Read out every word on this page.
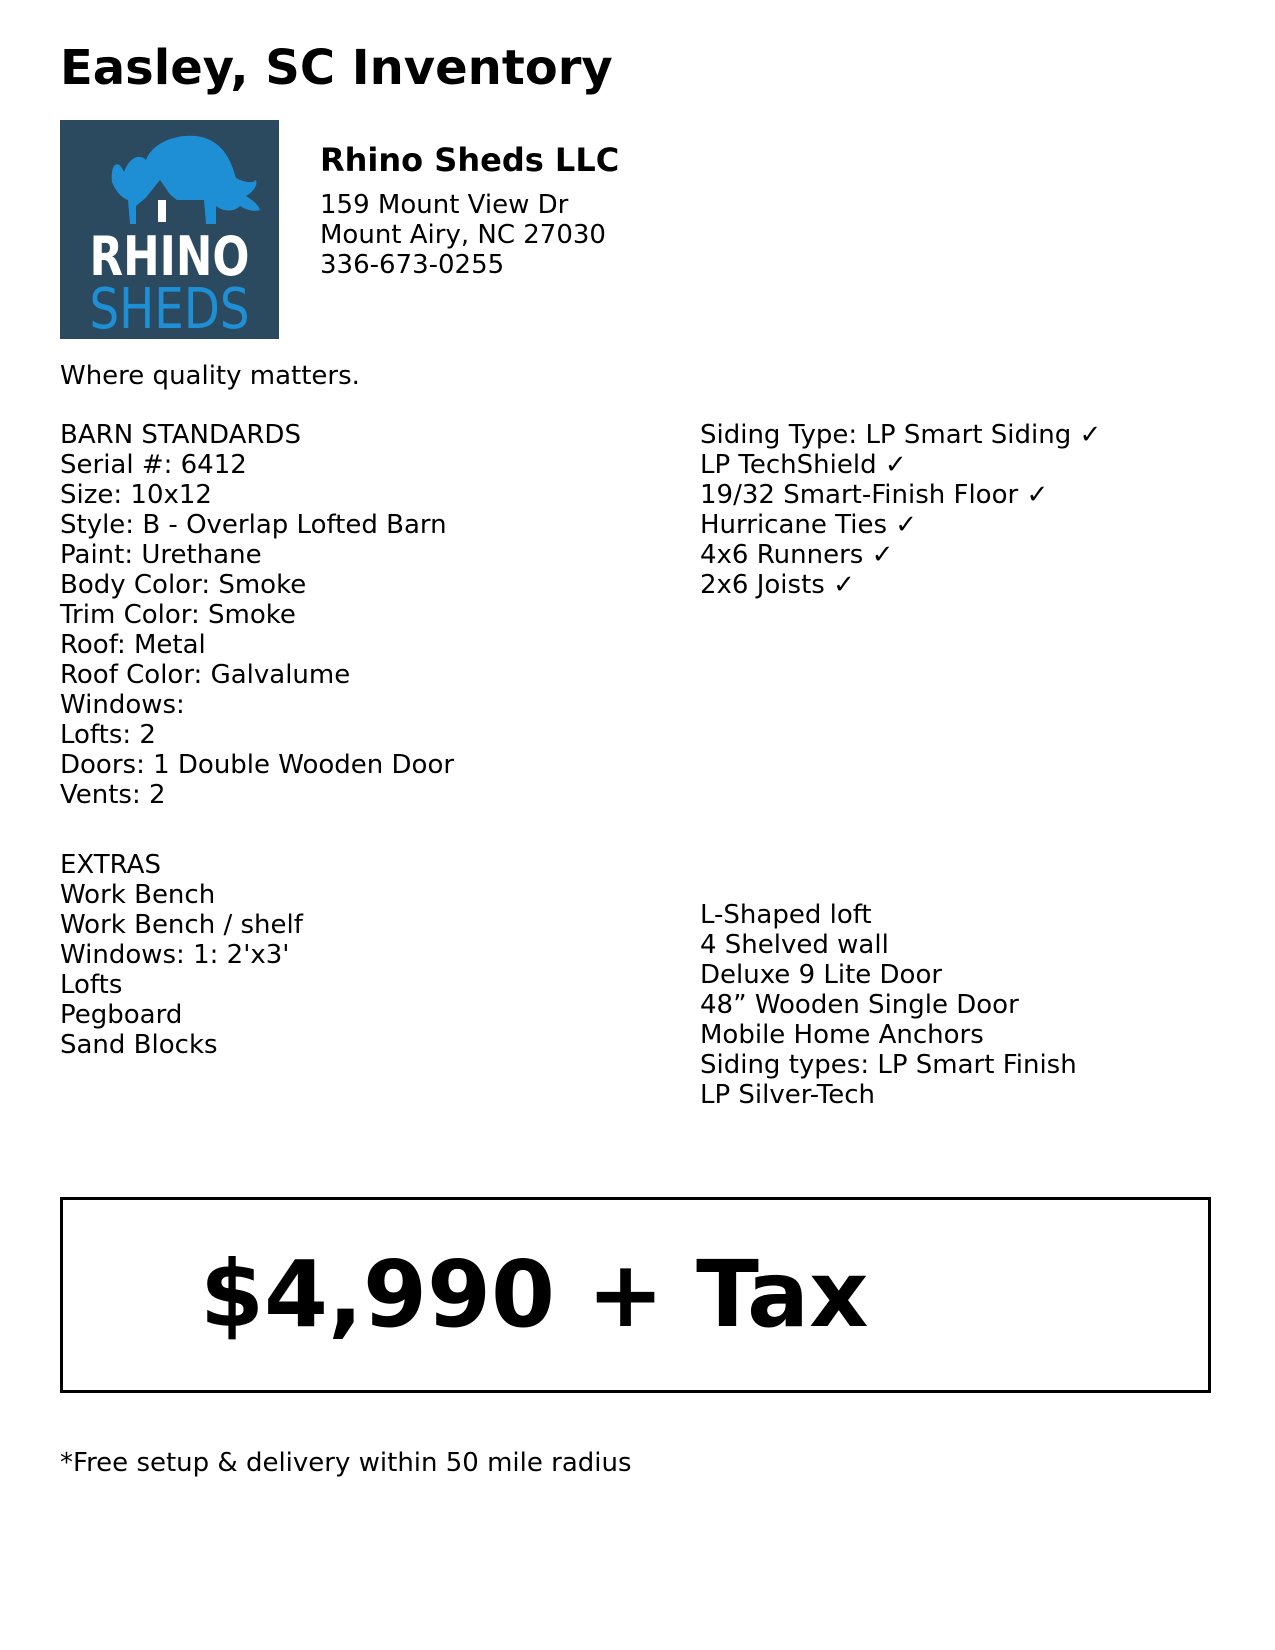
Easley, SC Inventory
RHINO
SHEDS
Rhino Sheds LLC
159 Mount View Dr
Mount Airy, NC 27030
336-673-0255
Where quality matters.
BARN STANDARDS
Serial #: 6412
Size: 10x12
Style: B - Overlap Lofted Barn
Paint: Urethane
Body Color: Smoke
Trim Color: Smoke
Roof: Metal
Roof Color: Galvalume
Windows:
Lofts: 2
Doors: 1 Double Wooden Door
Vents: 2
Siding Type: LP Smart Siding ✓
LP TechShield ✓
19/32 Smart-Finish Floor ✓
Hurricane Ties ✓
4x6 Runners ✓
2x6 Joists ✓
EXTRAS
Work Bench
Work Bench / shelf
Windows: 1: 2'x3'
Lofts
Pegboard
Sand Blocks
L-Shaped loft
4 Shelved wall
Deluxe 9 Lite Door
48” Wooden Single Door
Mobile Home Anchors
Siding types: LP Smart Finish
LP Silver-Tech
$4,990 + Tax
*Free setup & delivery within 50 mile radius
